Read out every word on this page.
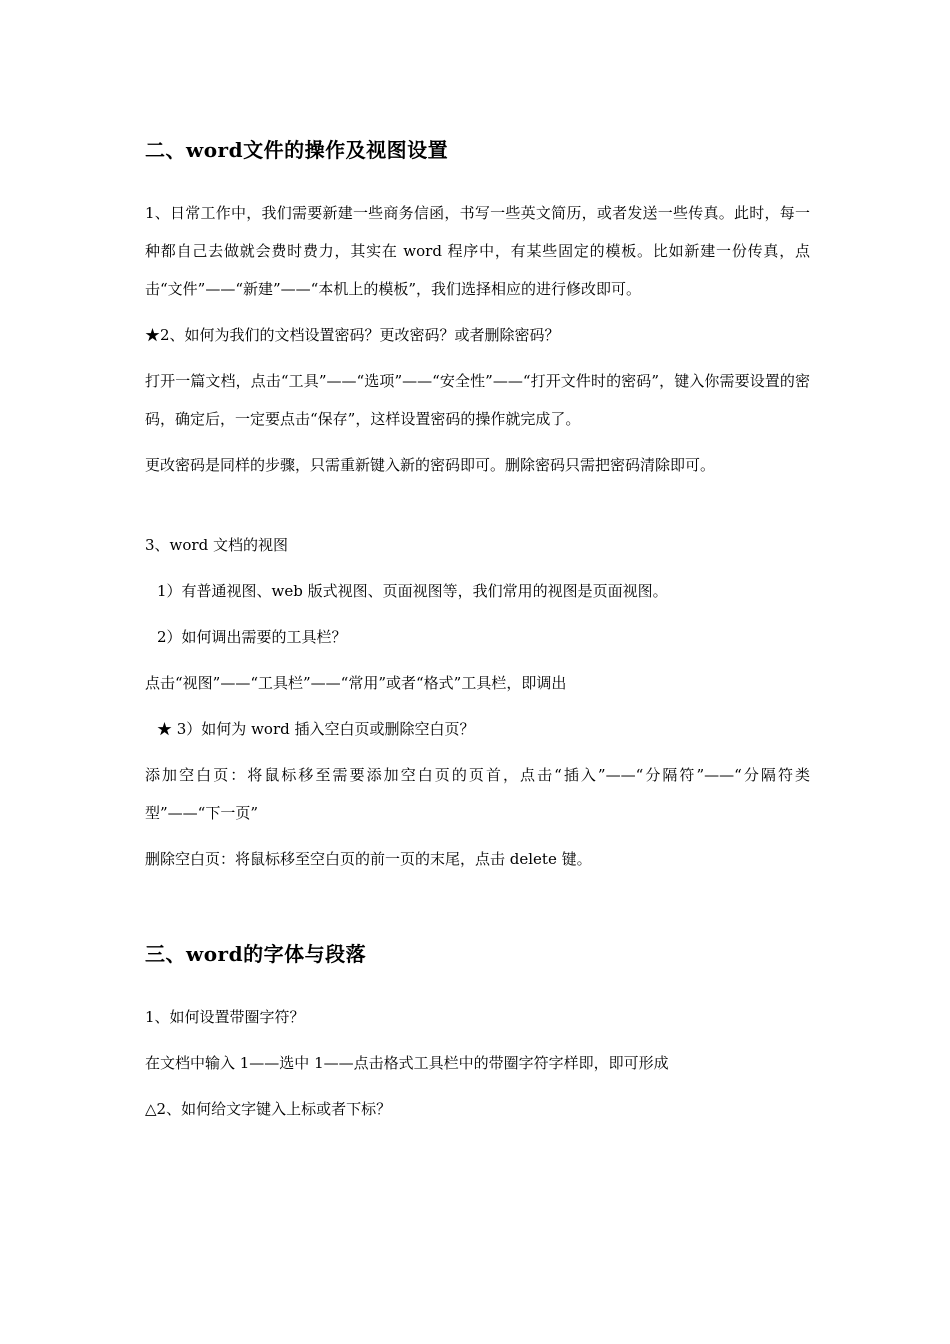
二、word文件的操作及视图设置

1、日常工作中，我们需要新建一些商务信函，书写一些英文简历，或者发送一些传真。此时，每一种都自己去做就会费时费力，其实在 word 程序中，有某些固定的模板。比如新建一份传真，点击“文件”——“新建”——“本机上的模板”，我们选择相应的进行修改即可。

★2、如何为我们的文档设置密码？更改密码？或者删除密码？

打开一篇文档，点击“工具”——“选项”——“安全性”——“打开文件时的密码”，键入你需要设置的密码，确定后，一定要点击“保存”，这样设置密码的操作就完成了。

更改密码是同样的步骤，只需重新键入新的密码即可。删除密码只需把密码清除即可。

3、word 文档的视图

1）有普通视图、web 版式视图、页面视图等，我们常用的视图是页面视图。

2）如何调出需要的工具栏？

点击“视图”——“工具栏”——“常用”或者“格式”工具栏，即调出

★ 3）如何为 word 插入空白页或删除空白页？

添加空白页：将鼠标移至需要添加空白页的页首，点击“插入”——“分隔符”——“分隔符类型”——“下一页”

删除空白页：将鼠标移至空白页的前一页的末尾，点击 delete 键。

三、word的字体与段落

1、如何设置带圈字符？

在文档中输入 1——选中 1——点击格式工具栏中的带圈字符字样即，即可形成

△2、如何给文字键入上标或者下标？
